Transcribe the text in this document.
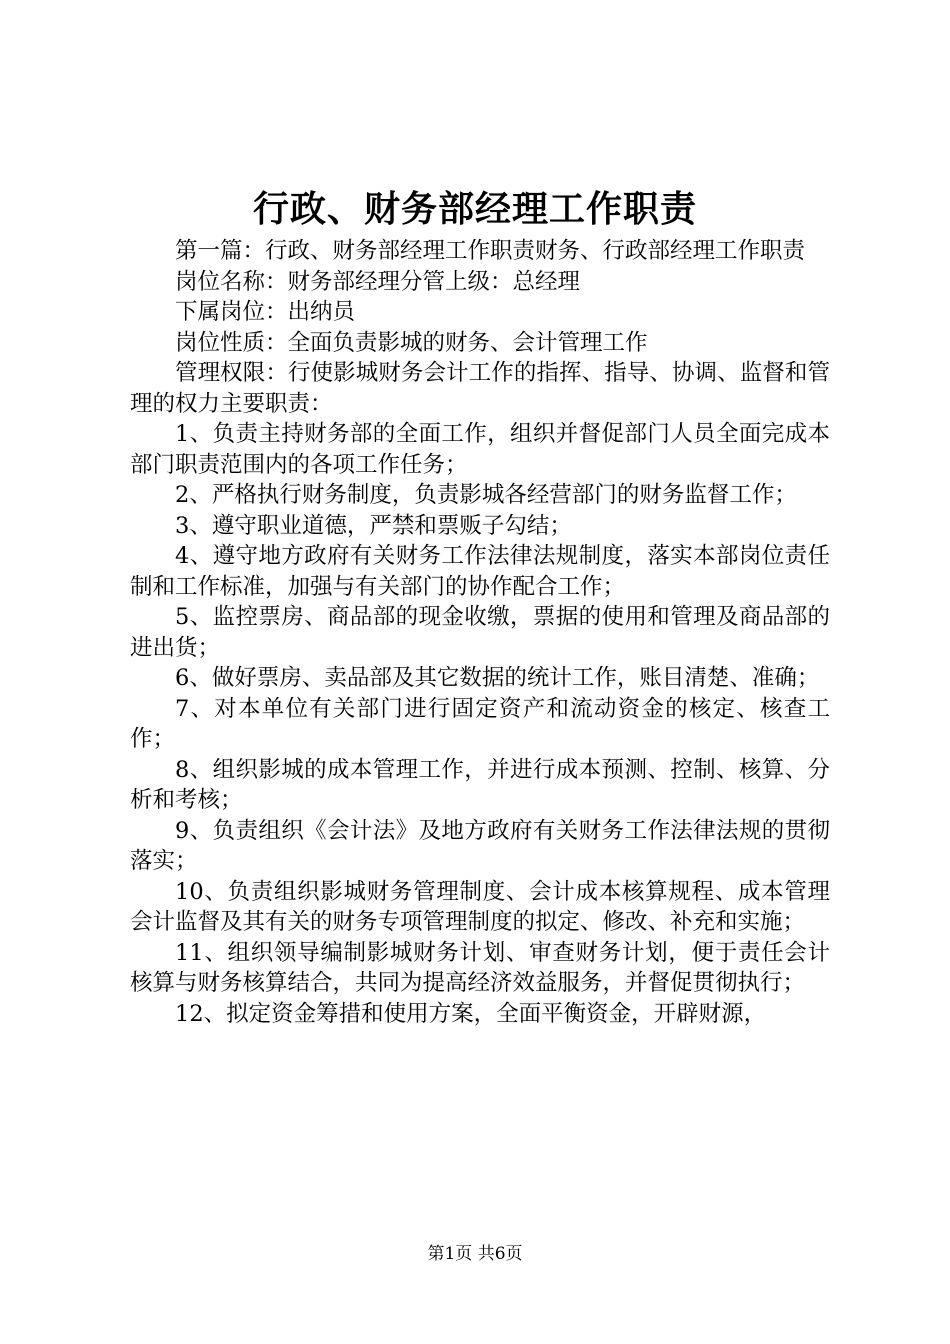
行政、财务部经理工作职责

第一篇：行政、财务部经理工作职责财务、行政部经理工作职责

岗位名称：财务部经理分管上级：总经理

下属岗位：出纳员

岗位性质：全面负责影城的财务、会计管理工作

管理权限：行使影城财务会计工作的指挥、指导、协调、监督和管理的权力主要职责：

1、负责主持财务部的全面工作，组织并督促部门人员全面完成本部门职责范围内的各项工作任务；

2、严格执行财务制度，负责影城各经营部门的财务监督工作；

3、遵守职业道德，严禁和票贩子勾结；

4、遵守地方政府有关财务工作法律法规制度，落实本部岗位责任制和工作标准，加强与有关部门的协作配合工作；

5、监控票房、商品部的现金收缴，票据的使用和管理及商品部的进出货；

6、做好票房、卖品部及其它数据的统计工作，账目清楚、准确；

7、对本单位有关部门进行固定资产和流动资金的核定、核查工作；

8、组织影城的成本管理工作，并进行成本预测、控制、核算、分析和考核；

9、负责组织《会计法》及地方政府有关财务工作法律法规的贯彻落实；

10、负责组织影城财务管理制度、会计成本核算规程、成本管理会计监督及其有关的财务专项管理制度的拟定、修改、补充和实施；

11、组织领导编制影城财务计划、审查财务计划，便于责任会计核算与财务核算结合，共同为提高经济效益服务，并督促贯彻执行；

12、拟定资金筹措和使用方案，全面平衡资金，开辟财源，

第1页 共6页
